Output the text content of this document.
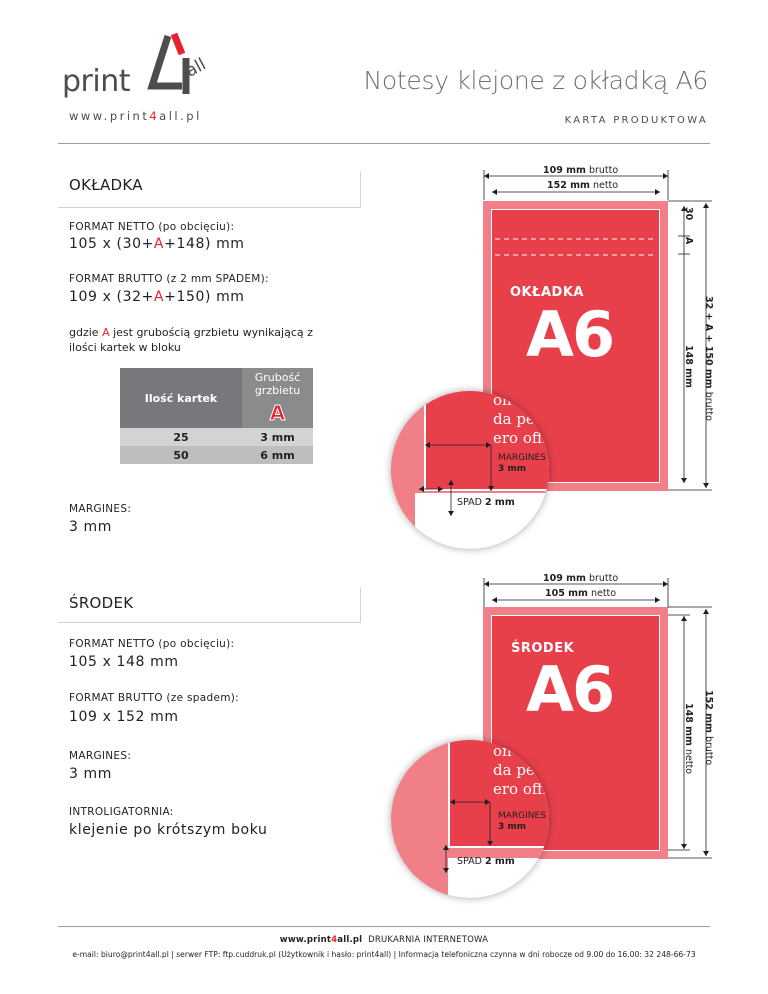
print	all
www.print4all.pl
Notesy klejone z okładką A6
KARTA PRODUKTOWA
OKŁADKA
FORMAT NETTO (po obcięciu):
105 x (30+A+148) mm
FORMAT BRUTTO (z 2 mm SPADEM):
109 x (32+A+150) mm
gdzie A jest grubością grzbietu wynikającą z ilości kartek w bloku
Ilość kartek	Grubość grzbietu
A

25	3 mm
50	6 mm
MARGINES:
3 mm
109 mm brutto
152 mm netto
OKŁADKA
A6
30
A
148 mm 32 + A + 150 mm brutto
on
da pe
ero offi
MARGINES
3 mm
SPAD 2 mm
ŚRODEK
FORMAT NETTO (po obcięciu):
105 x 148 mm
FORMAT BRUTTO (ze spadem):
109 x 152 mm
MARGINES:
3 mm
INTROLIGATORNIA:
klejenie po krótszym boku
109 mm brutto
105 mm netto
ŚRODEK
A6	148 mm netto
152 mm brutto
on
da pe
ero offi
MARGINES
3 mm
SPAD 2 mm
www.print4all.pl DRUKARNIA INTERNETOWA
e-mail: biuro@print4all.pl | serwer FTP: ftp.cuddruk.pl (Użytkownik i hasło: print4all) | Informacja telefoniczna czynna w dni robocze od 9.00 do 16.00: 32 248-66-73
